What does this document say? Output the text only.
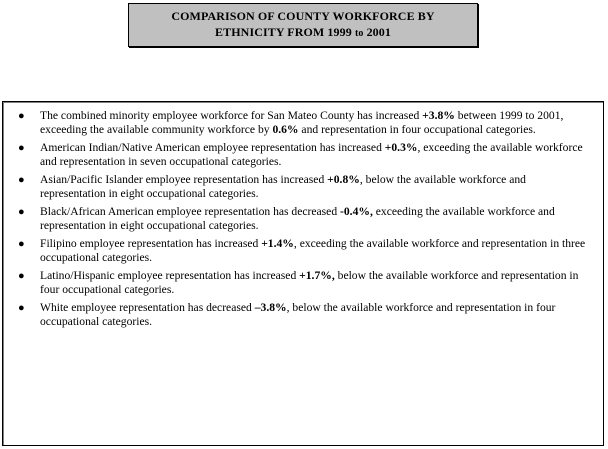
COMPARISON OF COUNTY WORKFORCE BY
ETHNICITY FROM 1999 to 2001
● The combined minority employee workforce for San Mateo County has increased +3.8% between 1999 to 2001, exceeding the available community workforce by 0.6% and representation in four occupational categories.
● American Indian/Native American employee representation has increased +0.3%, exceeding the available workforce and representation in seven occupational categories.
● Asian/Pacific Islander employee representation has increased +0.8%, below the available workforce and representation in eight occupational categories.
● Black/African American employee representation has decreased -0.4%, exceeding the available workforce and representation in eight occupational categories.
● Filipino employee representation has increased +1.4%, exceeding the available workforce and representation in three occupational categories.
● Latino/Hispanic employee representation has increased +1.7%, below the available workforce and representation in four occupational categories.
● White employee representation has decreased –3.8%, below the available workforce and representation in four occupational categories.
